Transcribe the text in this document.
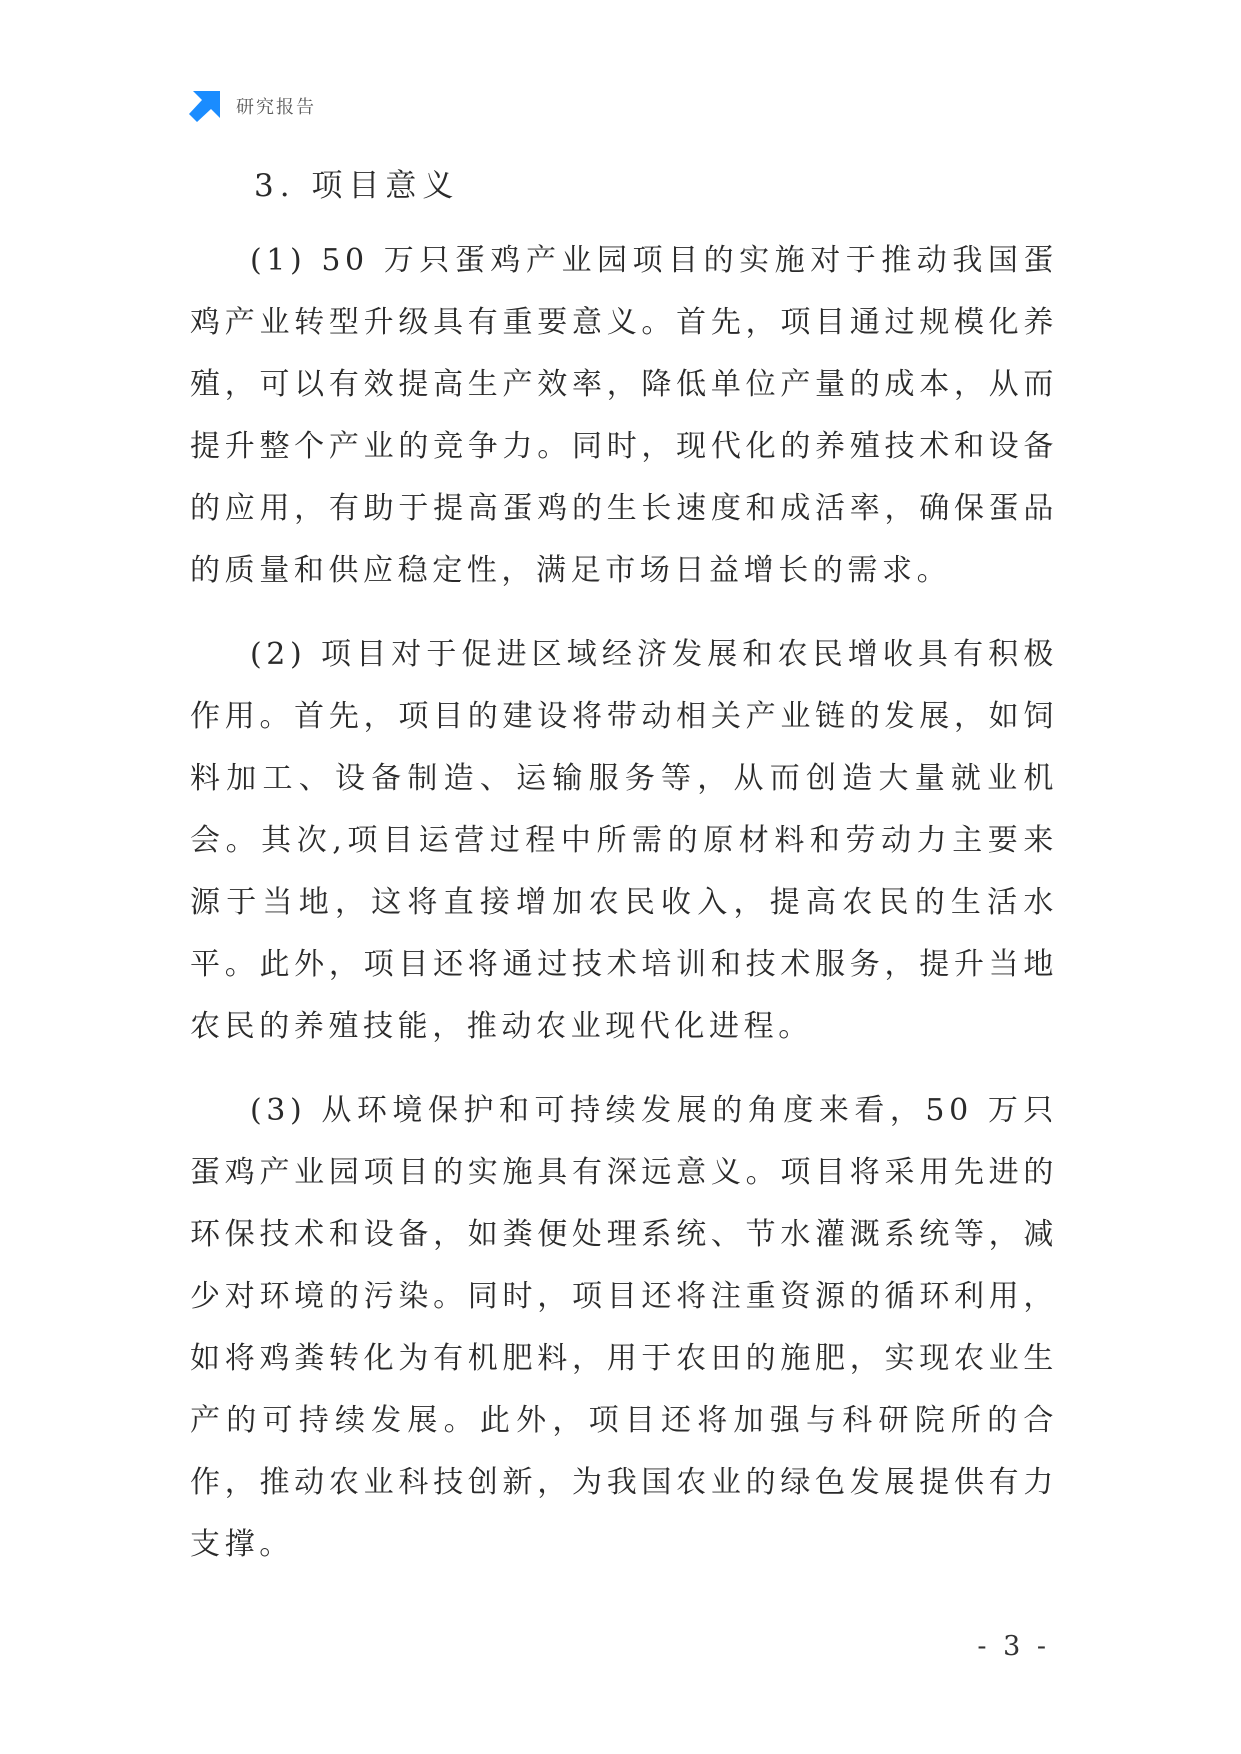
研究报告
3. 项目意义

(1) 50 万只蛋鸡产业园项目的实施对于推动我国蛋鸡产业转型升级具有重要意义。首先，项目通过规模化养殖，可以有效提高生产效率，降低单位产量的成本，从而提升整个产业的竞争力。同时，现代化的养殖技术和设备的应用，有助于提高蛋鸡的生长速度和成活率，确保蛋品的质量和供应稳定性，满足市场日益增长的需求。

(2) 项目对于促进区域经济发展和农民增收具有积极作用。首先，项目的建设将带动相关产业链的发展，如饲料加工、设备制造、运输服务等，从而创造大量就业机会。其次,项目运营过程中所需的原材料和劳动力主要来源于当地，这将直接增加农民收入，提高农民的生活水平。此外，项目还将通过技术培训和技术服务，提升当地农民的养殖技能，推动农业现代化进程。

(3) 从环境保护和可持续发展的角度来看，50 万只蛋鸡产业园项目的实施具有深远意义。项目将采用先进的环保技术和设备，如粪便处理系统、节水灌溉系统等，减少对环境的污染。同时，项目还将注重资源的循环利用，如将鸡粪转化为有机肥料，用于农田的施肥，实现农业生产的可持续发展。此外，项目还将加强与科研院所的合作，推动农业科技创新，为我国农业的绿色发展提供有力支撑。

- 3 -
